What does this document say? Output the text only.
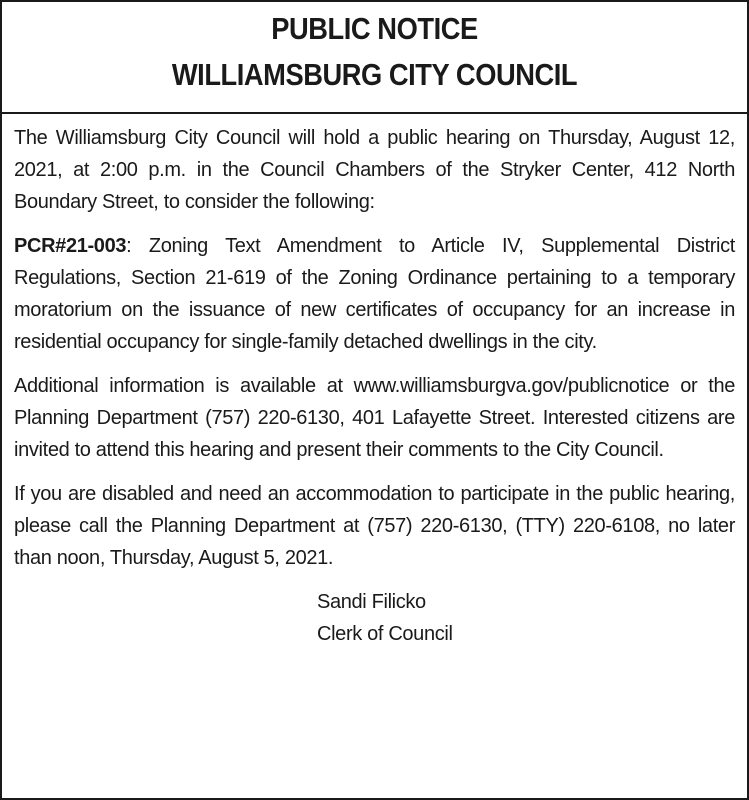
PUBLIC NOTICE
WILLIAMSBURG CITY COUNCIL

The Williamsburg City Council will hold a public hearing on Thursday, August 12, 2021, at 2:00 p.m. in the Council Chambers of the Stryker Center, 412 North Boundary Street, to consider the following:

PCR#21-003: Zoning Text Amendment to Article IV, Supplemental District Regulations, Section 21-619 of the Zoning Ordinance pertaining to a temporary moratorium on the issuance of new certificates of occupancy for an increase in residential occupancy for single-family detached dwellings in the city.

Additional information is available at www.williamsburgva.gov/publicnotice or the Planning Department (757) 220-6130, 401 Lafayette Street. Interested citizens are invited to attend this hearing and present their comments to the City Council.

If you are disabled and need an accommodation to participate in the public hearing, please call the Planning Department at (757) 220-6130, (TTY) 220-6108, no later than noon, Thursday, August 5, 2021.

Sandi Filicko
Clerk of Council
